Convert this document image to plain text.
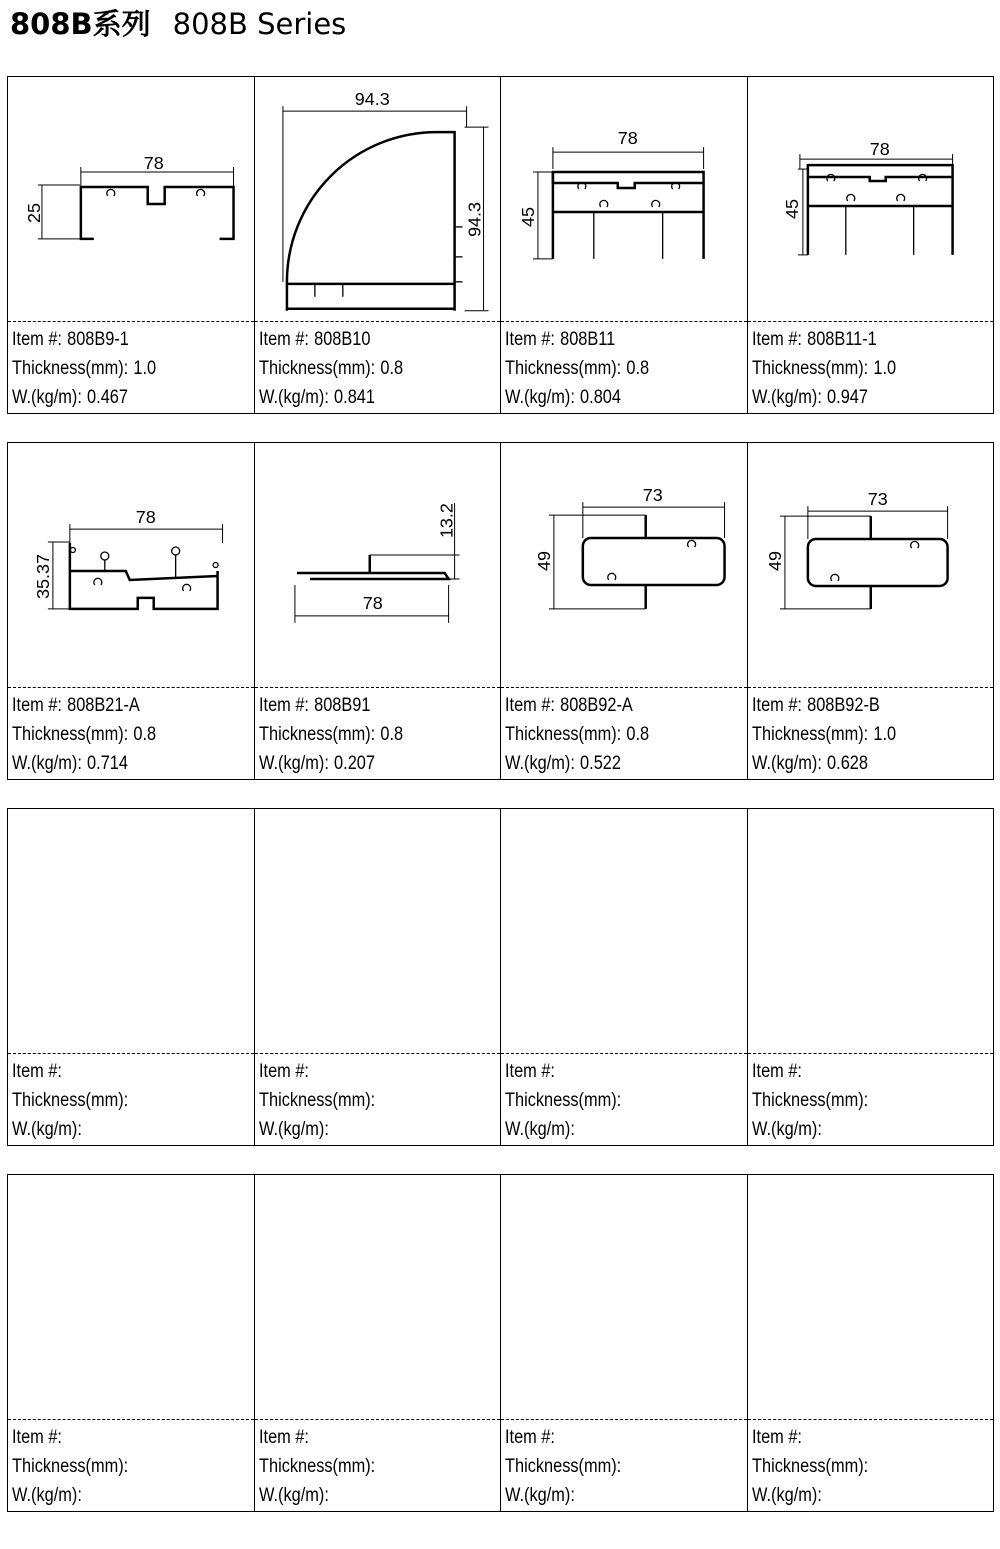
808B系列 808B Series
78
25
Item #: 808B9-1
Thickness(mm): 1.0
W.(kg/m): 0.467
94.3
94.3
Item #: 808B10
Thickness(mm): 0.8
W.(kg/m): 0.841
78
45
Item #: 808B11
Thickness(mm): 0.8
W.(kg/m): 0.804
78
45
Item #: 808B11-1
Thickness(mm): 1.0
W.(kg/m): 0.947
78
35.37
Item #: 808B21-A
Thickness(mm): 0.8
W.(kg/m): 0.714
78
13.2
Item #: 808B91
Thickness(mm): 0.8
W.(kg/m): 0.207
73
49
Item #: 808B92-A
Thickness(mm): 0.8
W.(kg/m): 0.522
73
49
Item #: 808B92-B
Thickness(mm): 1.0
W.(kg/m): 0.628
Item #:
Thickness(mm):
W.(kg/m):
Item #:
Thickness(mm):
W.(kg/m):
Item #:
Thickness(mm):
W.(kg/m):
Item #:
Thickness(mm):
W.(kg/m):
Item #:
Thickness(mm):
W.(kg/m):
Item #:
Thickness(mm):
W.(kg/m):
Item #:
Thickness(mm):
W.(kg/m):
Item #:
Thickness(mm):
W.(kg/m):
